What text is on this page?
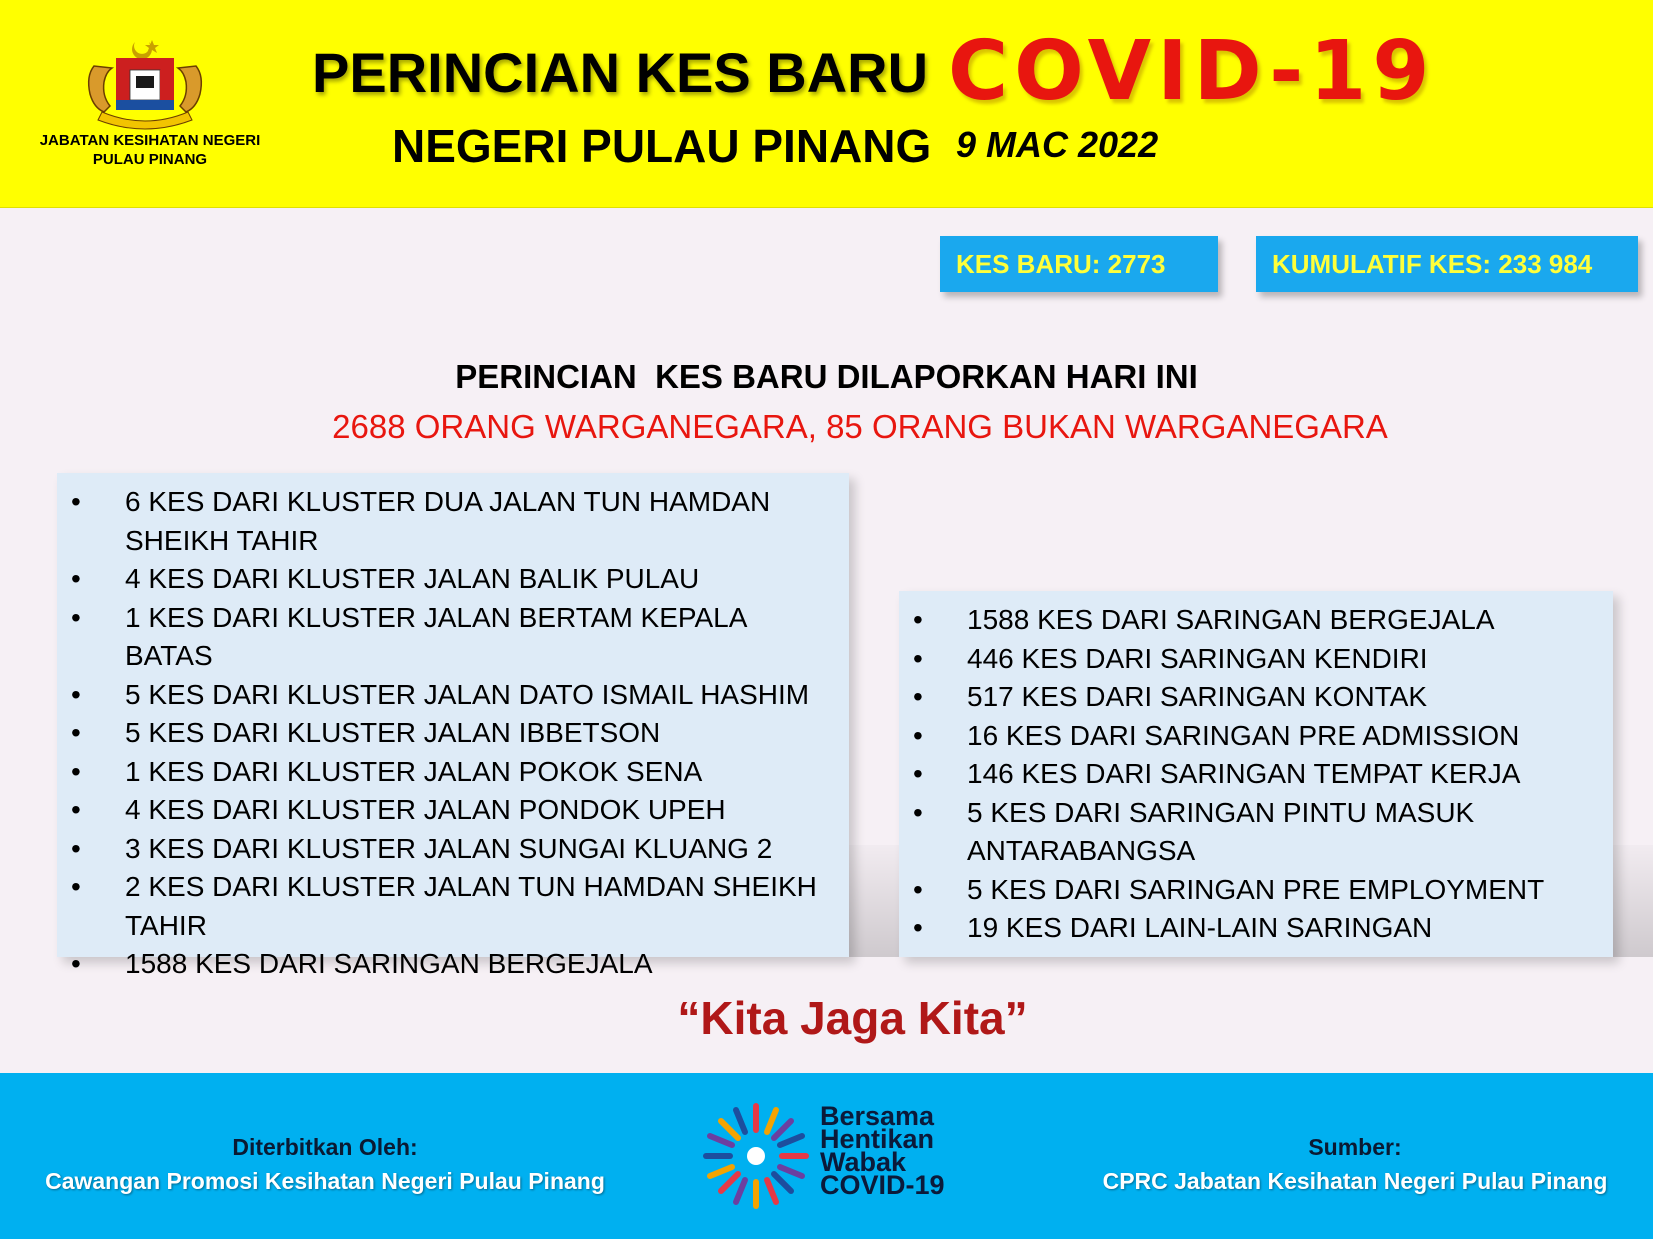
JABATAN KESIHATAN NEGERI
PULAU PINANG
PERINCIAN KES BARU COVID-19
NEGERI PULAU PINANG 9 MAC 2022
KES BARU: 2773	KUMULATIF KES: 233 984
PERINCIAN  KES BARU DILAPORKAN HARI INI
2688 ORANG WARGANEGARA, 85 ORANG BUKAN WARGANEGARA
• 6 KES DARI KLUSTER DUA JALAN TUN HAMDAN SHEIKH TAHIR
• 4 KES DARI KLUSTER JALAN BALIK PULAU
• 1 KES DARI KLUSTER JALAN BERTAM KEPALA BATAS
• 5 KES DARI KLUSTER JALAN DATO ISMAIL HASHIM
• 5 KES DARI KLUSTER JALAN IBBETSON
• 1 KES DARI KLUSTER JALAN POKOK SENA
• 4 KES DARI KLUSTER JALAN PONDOK UPEH
• 3 KES DARI KLUSTER JALAN SUNGAI KLUANG 2
• 2 KES DARI KLUSTER JALAN TUN HAMDAN SHEIKH TAHIR
• 1588 KES DARI SARINGAN BERGEJALA
• 1588 KES DARI SARINGAN BERGEJALA
• 446 KES DARI SARINGAN KENDIRI
• 517 KES DARI SARINGAN KONTAK
• 16 KES DARI SARINGAN PRE ADMISSION
• 146 KES DARI SARINGAN TEMPAT KERJA
• 5 KES DARI SARINGAN PINTU MASUK ANTARABANGSA
• 5 KES DARI SARINGAN PRE EMPLOYMENT
• 19 KES DARI LAIN-LAIN SARINGAN
“Kita Jaga Kita”
Diterbitkan Oleh:
Cawangan Promosi Kesihatan Negeri Pulau Pinang
Sumber:
CPRC Jabatan Kesihatan Negeri Pulau Pinang
Bersama
Hentikan
Wabak
COVID-19
